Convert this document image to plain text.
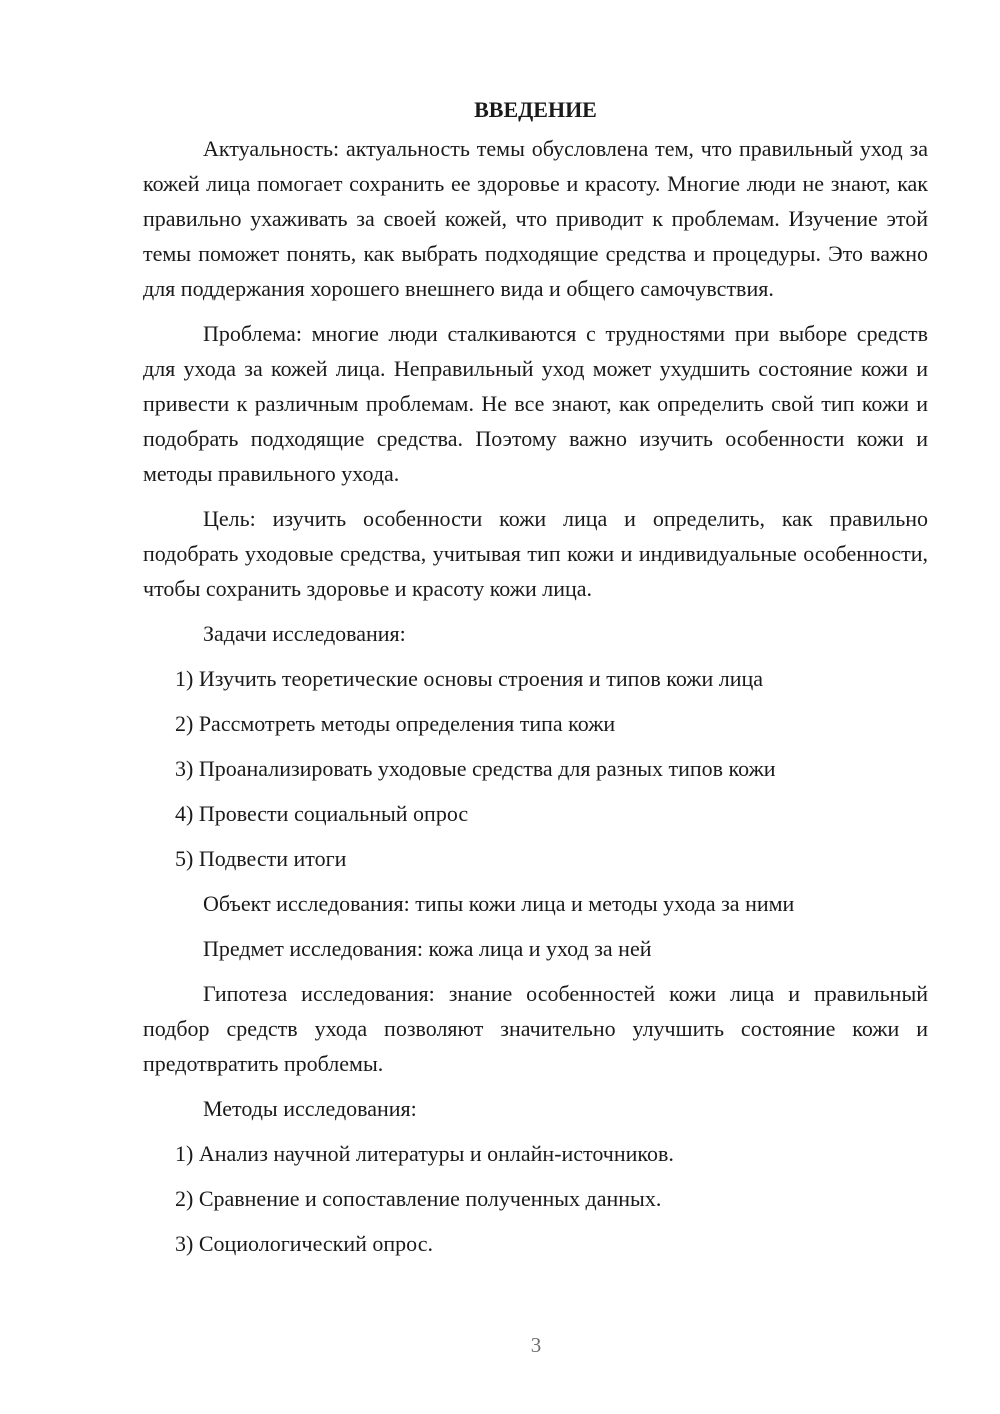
ВВЕДЕНИЕ

Актуальность: актуальность темы обусловлена тем, что правильный уход за кожей лица помогает сохранить ее здоровье и красоту. Многие люди не знают, как правильно ухаживать за своей кожей, что приводит к проблемам. Изучение этой темы поможет понять, как выбрать подходящие средства и процедуры. Это важно для поддержания хорошего внешнего вида и общего самочувствия.

Проблема: многие люди сталкиваются с трудностями при выборе средств для ухода за кожей лица. Неправильный уход может ухудшить состояние кожи и привести к различным проблемам. Не все знают, как определить свой тип кожи и подобрать подходящие средства. Поэтому важно изучить особенности кожи и методы правильного ухода.

Цель: изучить особенности кожи лица и определить, как правильно подобрать уходовые средства, учитывая тип кожи и индивидуальные особенности, чтобы сохранить здоровье и красоту кожи лица.

Задачи исследования:
1) Изучить теоретические основы строения и типов кожи лица
2) Рассмотреть методы определения типа кожи
3) Проанализировать уходовые средства для разных типов кожи
4) Провести социальный опрос
5) Подвести итоги
Объект исследования: типы кожи лица и методы ухода за ними
Предмет исследования: кожа лица и уход за ней

Гипотеза исследования: знание особенностей кожи лица и правильный подбор средств ухода позволяют значительно улучшить состояние кожи и предотвратить проблемы.

Методы исследования:
1) Анализ научной литературы и онлайн-источников.
2) Сравнение и сопоставление полученных данных.
3) Социологический опрос.
3
